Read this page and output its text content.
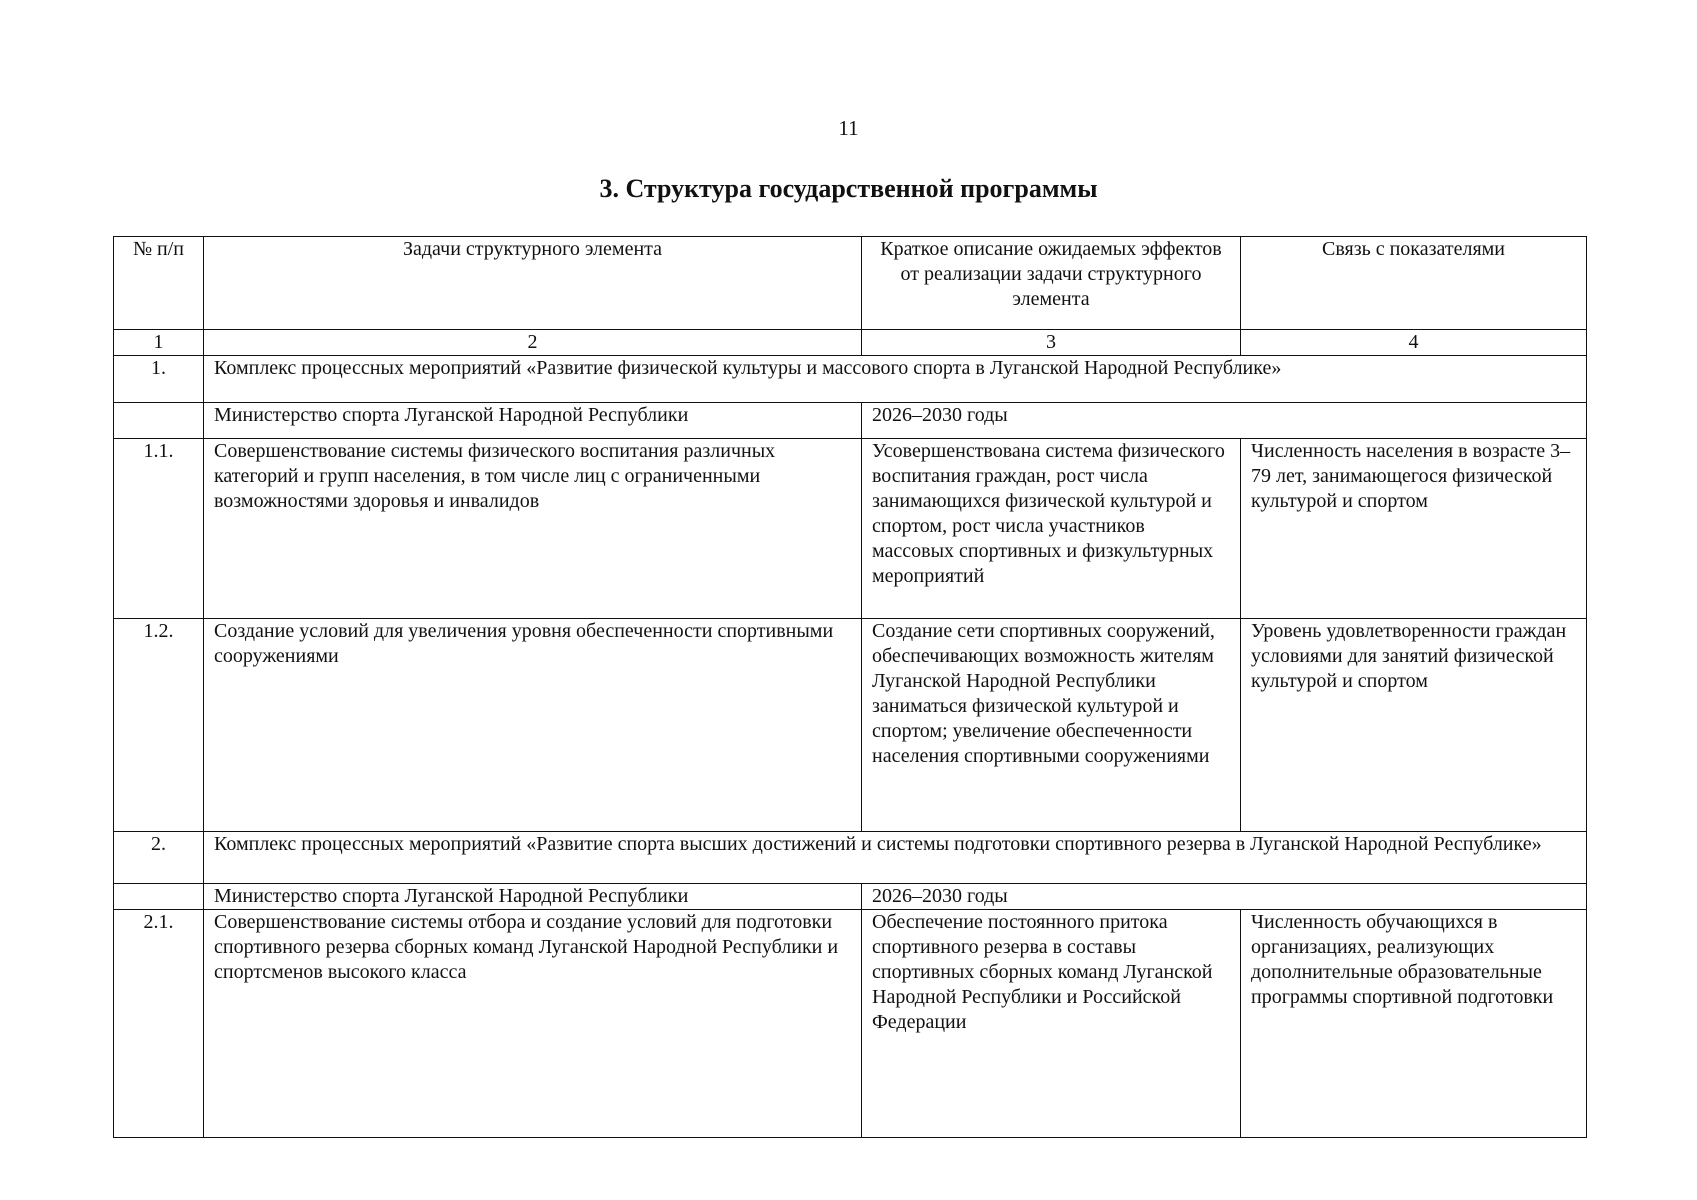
11
3. Структура государственной программы
№ п/п	Задачи структурного элемента	Краткое описание ожидаемых эффектов от реализации задачи структурного элемента	Связь с показателями
1	2	3	4
1.	Комплекс процессных мероприятий «Развитие физической культуры и массового спорта в Луганской Народной Республике»		
	Министерство спорта Луганской Народной Республики	2026–2030 годы	
1.1.	Совершенствование системы физического воспитания различных категорий и групп населения, в том числе лиц с ограниченными возможностями здоровья и инвалидов	Усовершенствована система физического воспитания граждан, рост числа занимающихся физической культурой и спортом, рост числа участников массовых спортивных и физкультурных мероприятий	Численность населения в возрасте 3–79 лет, занимающегося физической культурой и спортом
1.2.	Создание условий для увеличения уровня обеспеченности спортивными сооружениями	Создание сети спортивных сооружений, обеспечивающих возможность жителям Луганской Народной Республики заниматься физической культурой и спортом; увеличение обеспеченности населения спортивными сооружениями	Уровень удовлетворенности граждан условиями для занятий физической культурой и спортом
2.	Комплекс процессных мероприятий «Развитие спорта высших достижений и системы подготовки спортивного резерва в Луганской Народной Республике»		
	Министерство спорта Луганской Народной Республики	2026–2030 годы	
2.1.	Совершенствование системы отбора и создание условий для подготовки спортивного резерва сборных команд Луганской Народной Республики и спортсменов высокого класса	Обеспечение постоянного притока спортивного резерва в составы спортивных сборных команд Луганской Народной Республики и Российской Федерации	Численность обучающихся в организациях, реализующих дополнительные образовательные программы спортивной подготовки
